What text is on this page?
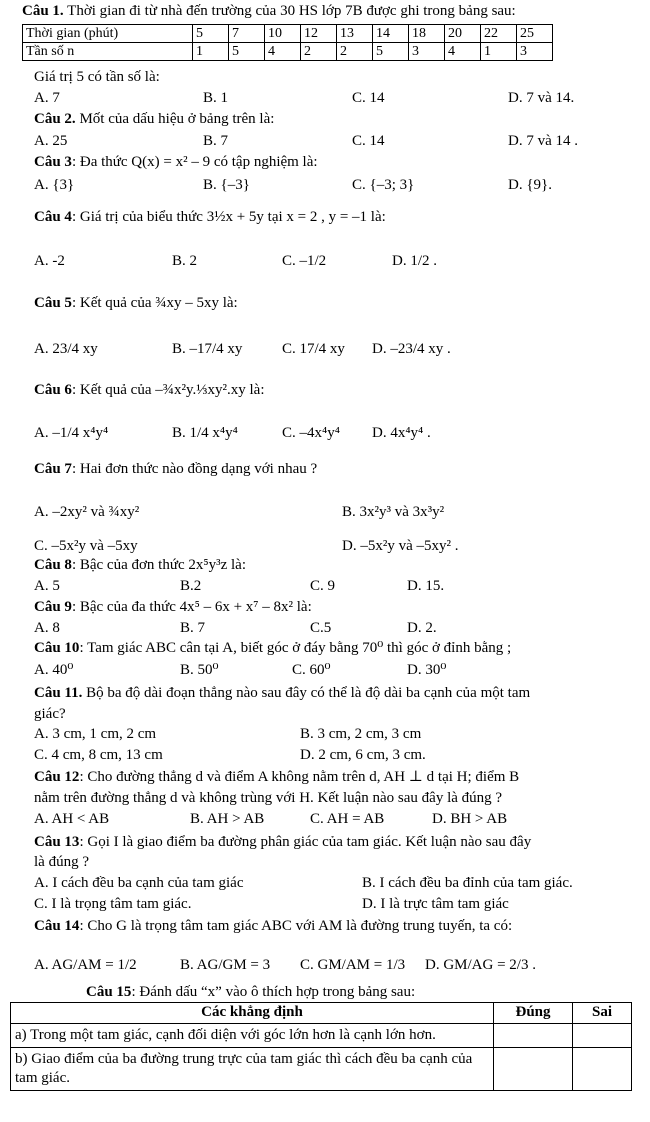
Câu 1. Thời gian đi từ nhà đến trường của 30 HS lớp 7B được ghi trong bảng sau:
Thời gian (phút)	5	7	10	12	13	14	18	20	22	25
Tần số n	1	5	4	2	2	5	3	4	1	3
Giá trị 5 có tần số là:
A. 7	B. 1	C. 14	D. 7 và 14.
Câu 2. Mốt của dấu hiệu ở bảng trên là:
A. 25	B. 7	C. 14	D. 7 và 14 .
Câu 3: Đa thức Q(x) = x² – 9 có tập nghiệm là:
A. {3}	B. {–3}	C. {–3; 3}	D. {9}.
Câu 4: Giá trị của biểu thức 3½x + 5y tại x = 2 , y = –1 là:
A. -2	B. 2	C. –1/2	D. 1/2 .
Câu 5: Kết quả của ¾xy – 5xy là:
A. 23/4 xy	B. –17/4 xy	C. 17/4 xy D. –23/4 xy .
Câu 6: Kết quả của –¾x²y.⅓xy².xy là:
A. –1/4 x⁴y⁴	B. 1/4 x⁴y⁴	C. –4x⁴y⁴ D. 4x⁴y⁴ .
Câu 7: Hai đơn thức nào đồng dạng với nhau ?
A. –2xy² và ¾xy²	B. 3x²y³ và 3x³y²
C. –5x²y và –5xy	D. –5x²y và –5xy² .
Câu 8: Bậc của đơn thức 2x⁵y³z là:
A. 5	B.2	C. 9	D. 15.
Câu 9: Bậc của đa thức 4x⁵ – 6x + x⁷ – 8x² là:
A. 8	B. 7	C.5	D. 2.
Câu 10: Tam giác ABC cân tại A, biết góc ở đáy bằng 70⁰ thì góc ở đỉnh bằng ;
A. 40⁰	B. 50⁰	C. 60⁰	D. 30⁰
Câu 11. Bộ ba độ dài đoạn thẳng nào sau đây có thể là độ dài ba cạnh của một tam
giác?
A. 3 cm, 1 cm, 2 cm	B. 3 cm, 2 cm, 3 cm
C. 4 cm, 8 cm, 13 cm	D. 2 cm, 6 cm, 3 cm.
Câu 12: Cho đường thẳng d và điểm A không nằm trên d, AH ⊥ d tại H; điểm B
nằm trên đường thẳng d và không trùng với H. Kết luận nào sau đây là đúng ?
A. AH < AB	B. AH > AB	C. AH = AB	D. BH > AB
Câu 13: Gọi I là giao điểm ba đường phân giác của tam giác. Kết luận nào sau đây
là đúng ?
A. I cách đều ba cạnh của tam giác	B. I cách đều ba đỉnh của tam giác.
C. I là trọng tâm tam giác.	D. I là trực tâm tam giác
Câu 14: Cho G là trọng tâm tam giác ABC với AM là đường trung tuyến, ta có:
A. AG/AM = 1/2	B. AG/GM = 3 C. GM/AM = 1/3 D. GM/AG = 2/3 .
Câu 15: Đánh dấu “x” vào ô thích hợp trong bảng sau:
Các khẳng định	Đúng	Sai
a) Trong một tam giác, cạnh đối diện với góc lớn hơn là cạnh lớn hơn.		
b) Giao điểm của ba đường trung trực của tam giác thì cách đều ba cạnh của tam giác.		
